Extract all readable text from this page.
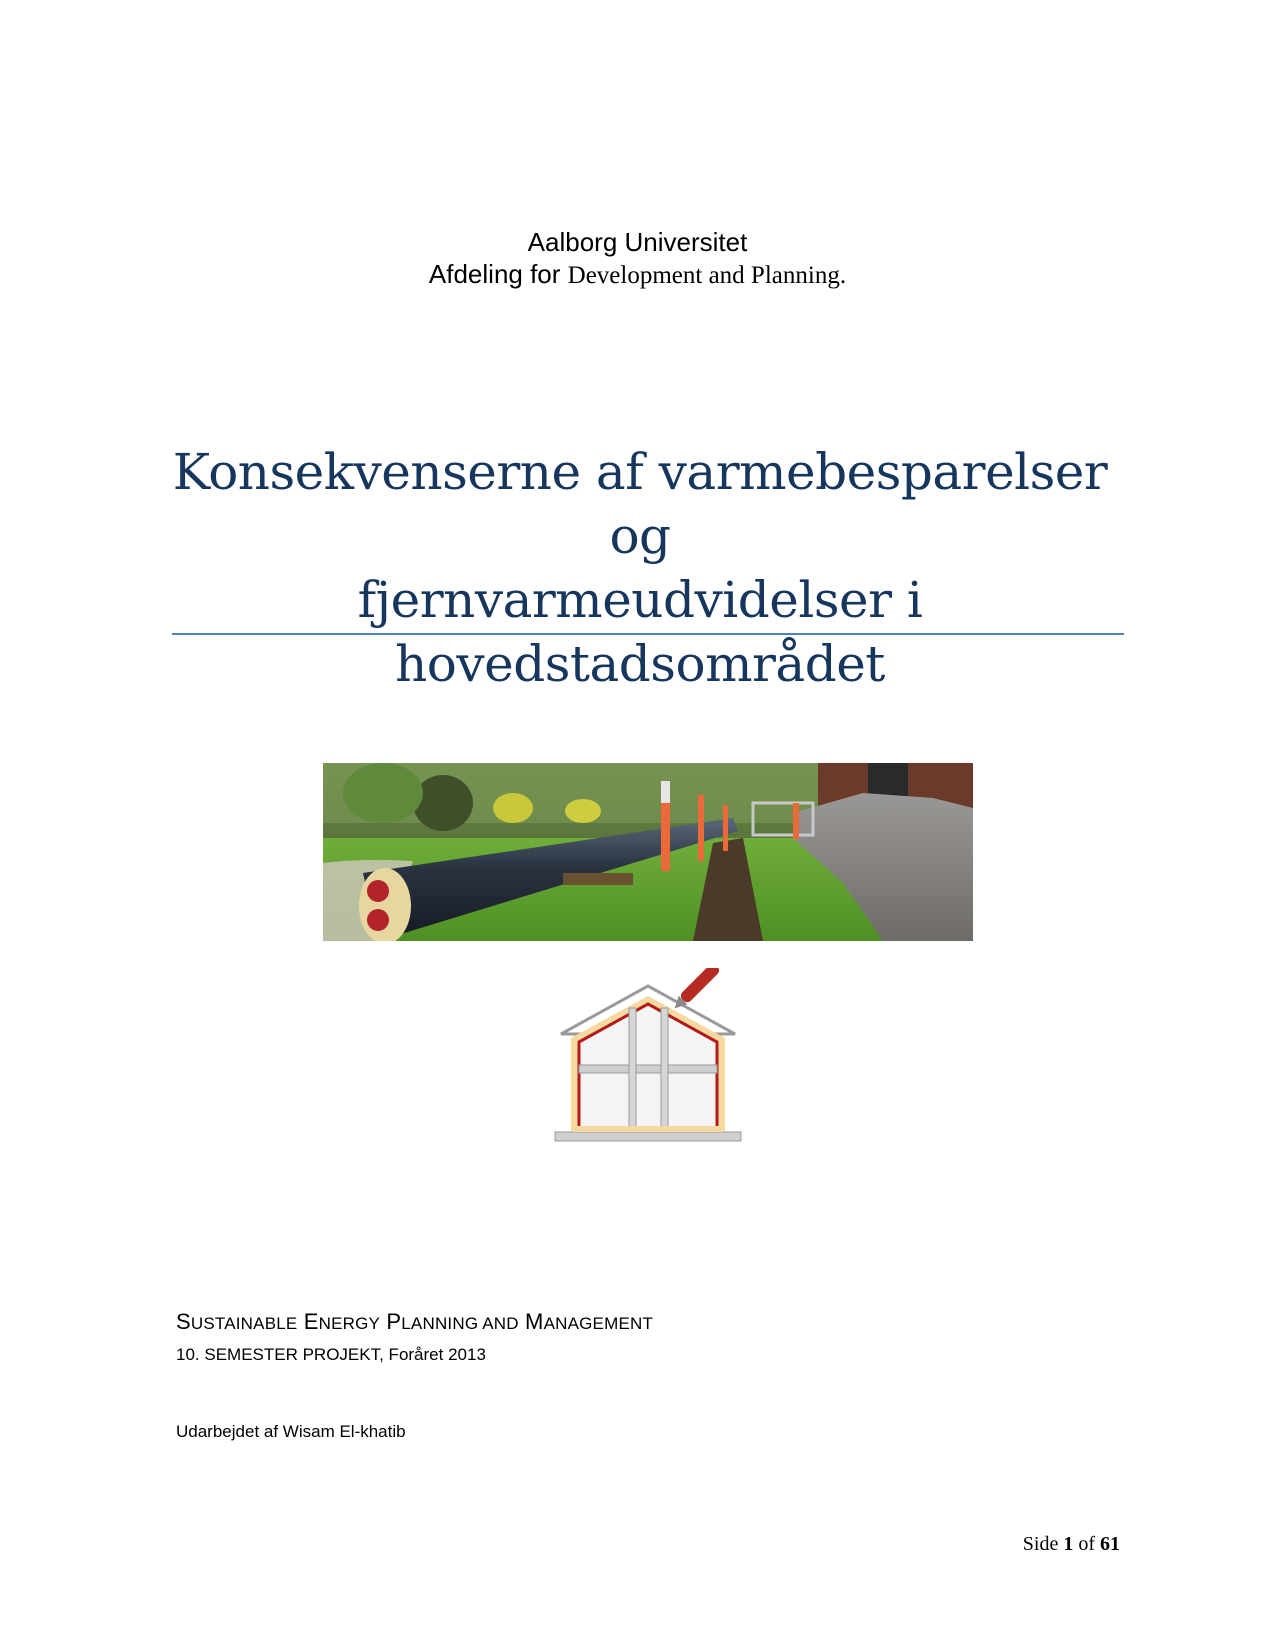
Aalborg Universitet
Afdeling for Development and Planning.
Konsekvenserne af varmebesparelser og
fjernvarmeudvidelser i
hovedstadsområdet
SUSTAINABLE ENERGY PLANNING AND MANAGEMENT
10. SEMESTER PROJEKT, Foråret 2013
Udarbejdet af Wisam El-khatib
Side 1 of 61
